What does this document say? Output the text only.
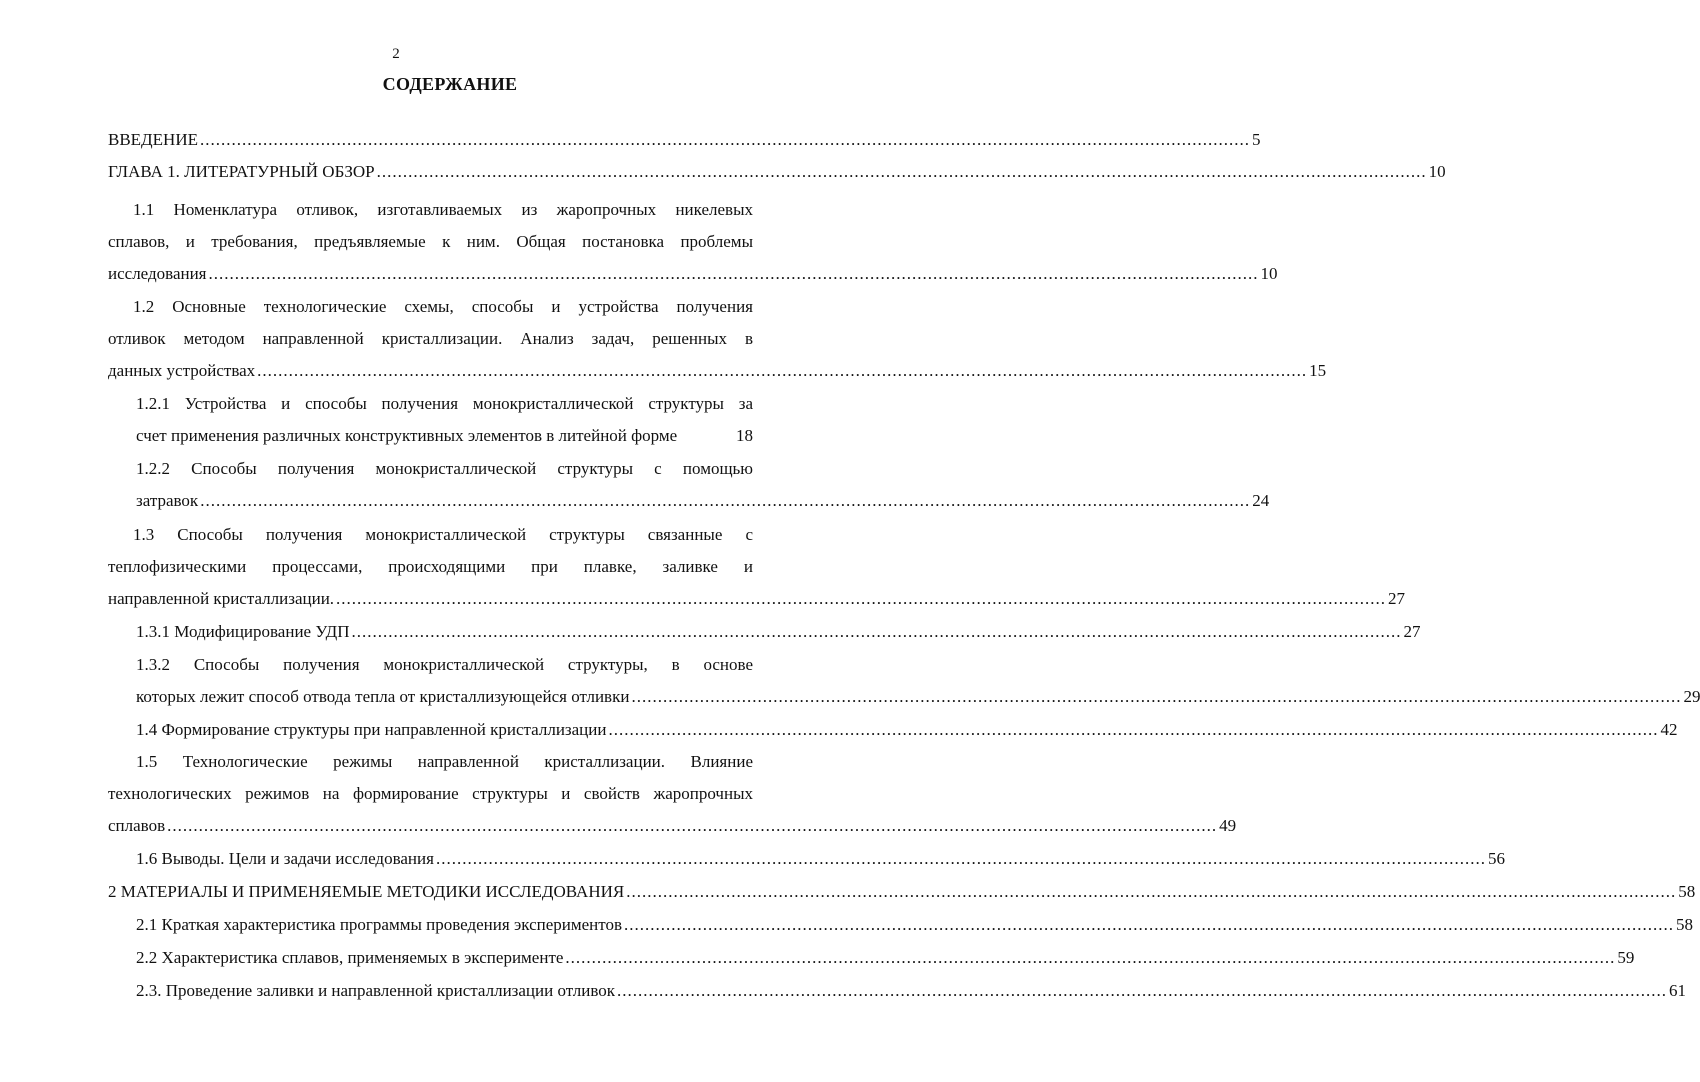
2
СОДЕРЖАНИЕ
ВВЕДЕНИЕ ........................................................................................................................................................................................................ 5
ГЛАВА 1. ЛИТЕРАТУРНЫЙ ОБЗОР ........................................................................................................................................................................................................ 10
1.1 Номенклатура отливок, изготавливаемых из жаропрочных никелевых
сплавов, и требования, предъявляемые к ним. Общая постановка проблемы
исследования ........................................................................................................................................................................................................ 10
1.2 Основные технологические схемы, способы и устройства получения
отливок методом направленной кристаллизации. Анализ задач, решенных в
данных устройствах ........................................................................................................................................................................................................ 15
1.2.1 Устройства и способы получения монокристаллической структуры за
счет применения различных конструктивных элементов в литейной форме	18
1.2.2 Способы получения монокристаллической структуры с помощью
затравок ........................................................................................................................................................................................................ 24
1.3 Способы получения монокристаллической структуры связанные с
теплофизическими процессами, происходящими при плавке, заливке и
направленной кристаллизации. ........................................................................................................................................................................................................ 27
1.3.1 Модифицирование УДП ........................................................................................................................................................................................................ 27
1.3.2 Способы получения монокристаллической структуры, в основе
которых лежит способ отвода тепла от кристаллизующейся отливки ........................................................................................................................................................................................................ 29
1.4 Формирование структуры при направленной кристаллизации ........................................................................................................................................................................................................ 42
1.5 Технологические режимы направленной кристаллизации. Влияние
технологических режимов на формирование структуры и свойств жаропрочных
сплавов ........................................................................................................................................................................................................ 49
1.6 Выводы. Цели и задачи исследования ........................................................................................................................................................................................................ 56
2 МАТЕРИАЛЫ И ПРИМЕНЯЕМЫЕ МЕТОДИКИ ИССЛЕДОВАНИЯ ........................................................................................................................................................................................................ 58
2.1 Краткая характеристика программы проведения экспериментов ........................................................................................................................................................................................................ 58
2.2 Характеристика сплавов, применяемых в эксперименте ........................................................................................................................................................................................................ 59
2.3. Проведение заливки и направленной кристаллизации отливок ........................................................................................................................................................................................................ 61
